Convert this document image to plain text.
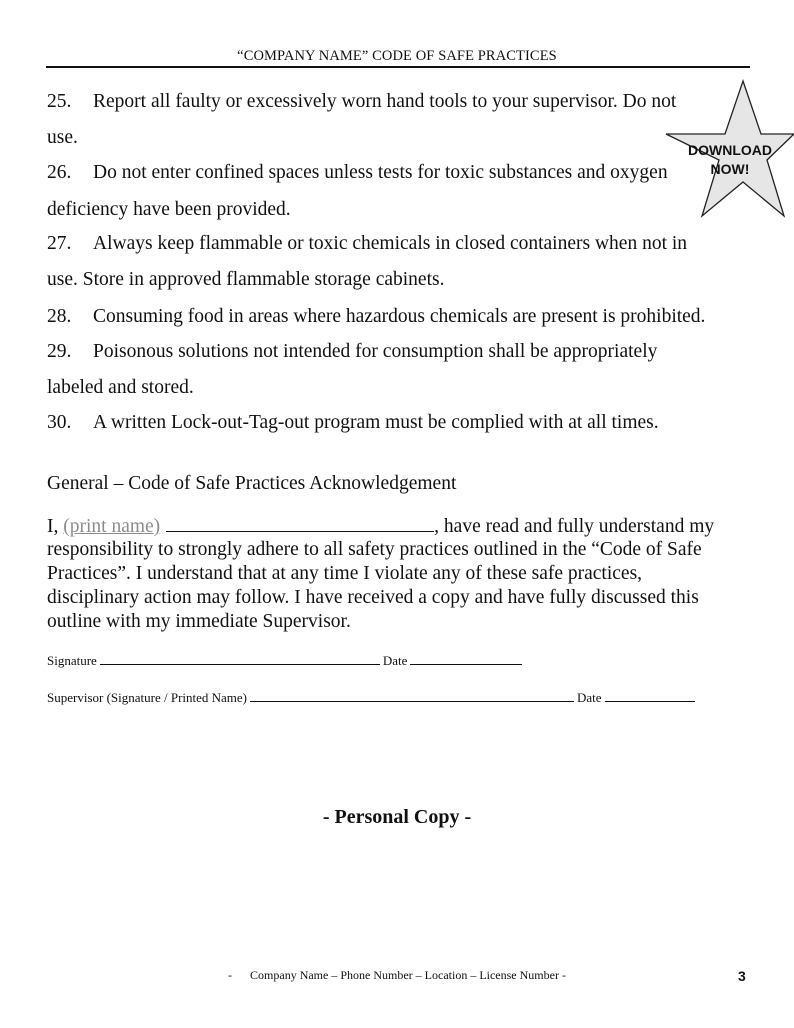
“COMPANY NAME” CODE OF SAFE PRACTICES
25. Report all faulty or excessively worn hand tools to your supervisor. Do not
use.
26. Do not enter confined spaces unless tests for toxic substances and oxygen
deficiency have been provided.
27. Always keep flammable or toxic chemicals in closed containers when not in
use. Store in approved flammable storage cabinets.
28. Consuming food in areas where hazardous chemicals are present is prohibited.
29. Poisonous solutions not intended for consumption shall be appropriately
labeled and stored.
30. A written Lock-out-Tag-out program must be complied with at all times.
General – Code of Safe Practices Acknowledgement
I, (print name)	, have read and fully understand my
responsibility to strongly adhere to all safety practices outlined in the “Code of Safe
Practices”. I understand that at any time I violate any of these safe practices,
disciplinary action may follow. I have received a copy and have fully discussed this
outline with my immediate Supervisor.
Signature	Date
Supervisor (Signature / Printed Name)	Date
- Personal Copy -
-      Company Name – Phone Number – Location – License Number -	3
DOWNLOAD
NOW!
